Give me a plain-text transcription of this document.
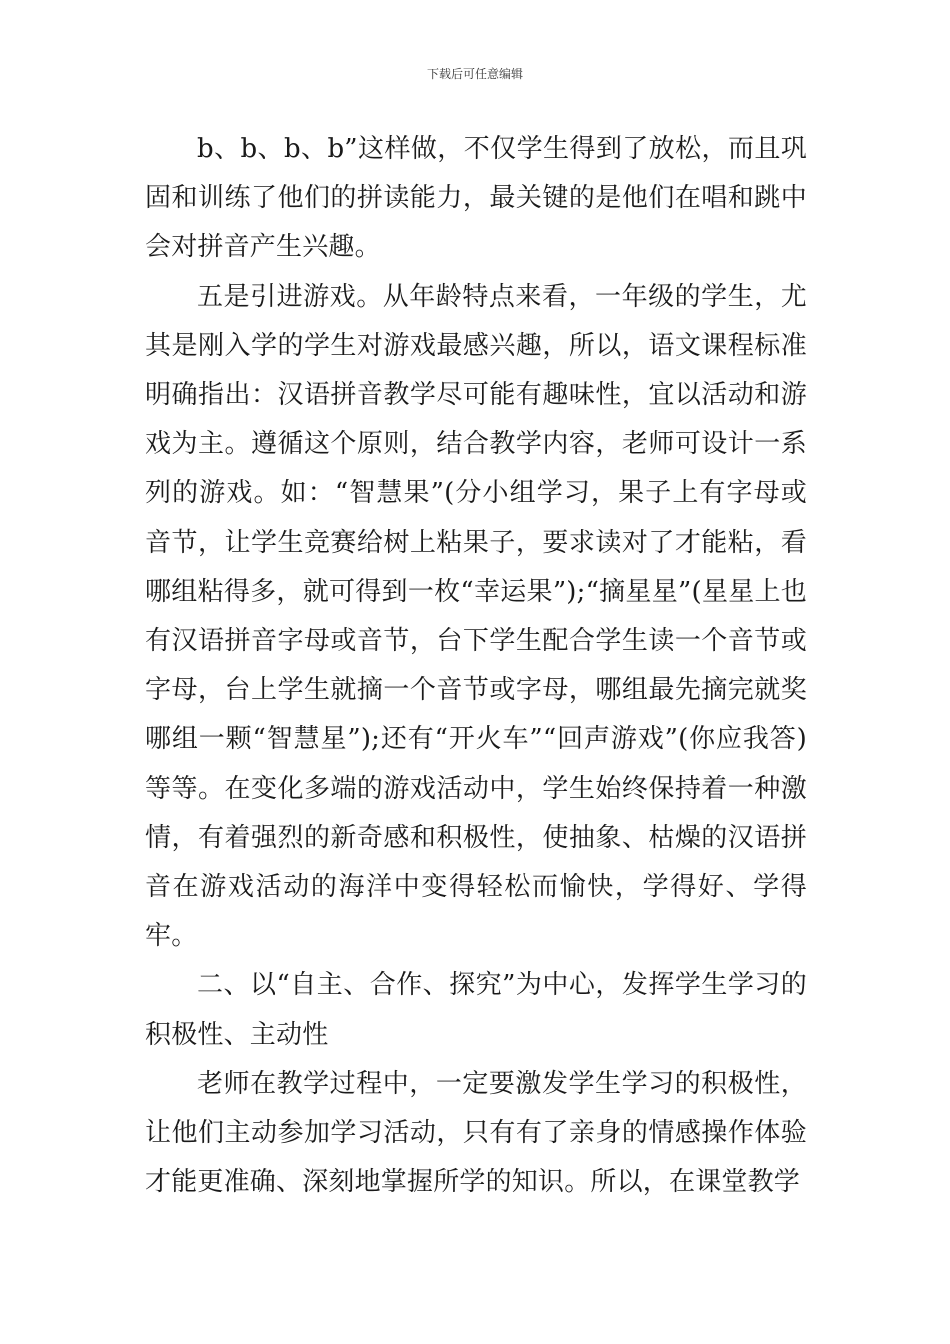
下载后可任意编辑

b、b、b、b”这样做，不仅学生得到了放松，而且巩固和训练了他们的拼读能力，最关键的是他们在唱和跳中会对拼音产生兴趣。

五是引进游戏。从年龄特点来看，一年级的学生，尤其是刚入学的学生对游戏最感兴趣，所以，语文课程标准明确指出：汉语拼音教学尽可能有趣味性，宜以活动和游戏为主。遵循这个原则，结合教学内容，老师可设计一系列的游戏。如：“智慧果”(分小组学习，果子上有字母或音节，让学生竞赛给树上粘果子，要求读对了才能粘，看哪组粘得多，就可得到一枚“幸运果”);“摘星星”(星星上也有汉语拼音字母或音节，台下学生配合学生读一个音节或字母，台上学生就摘一个音节或字母，哪组最先摘完就奖哪组一颗“智慧星”);还有“开火车”“回声游戏”(你应我答)等等。在变化多端的游戏活动中，学生始终保持着一种激情，有着强烈的新奇感和积极性，使抽象、枯燥的汉语拼音在游戏活动的海洋中变得轻松而愉快，学得好、学得牢。

二、以“自主、合作、探究”为中心，发挥学生学习的积极性、主动性

老师在教学过程中，一定要激发学生学习的积极性，让他们主动参加学习活动，只有有了亲身的情感操作体验才能更准确、深刻地掌握所学的知识。所以，在课堂教学
